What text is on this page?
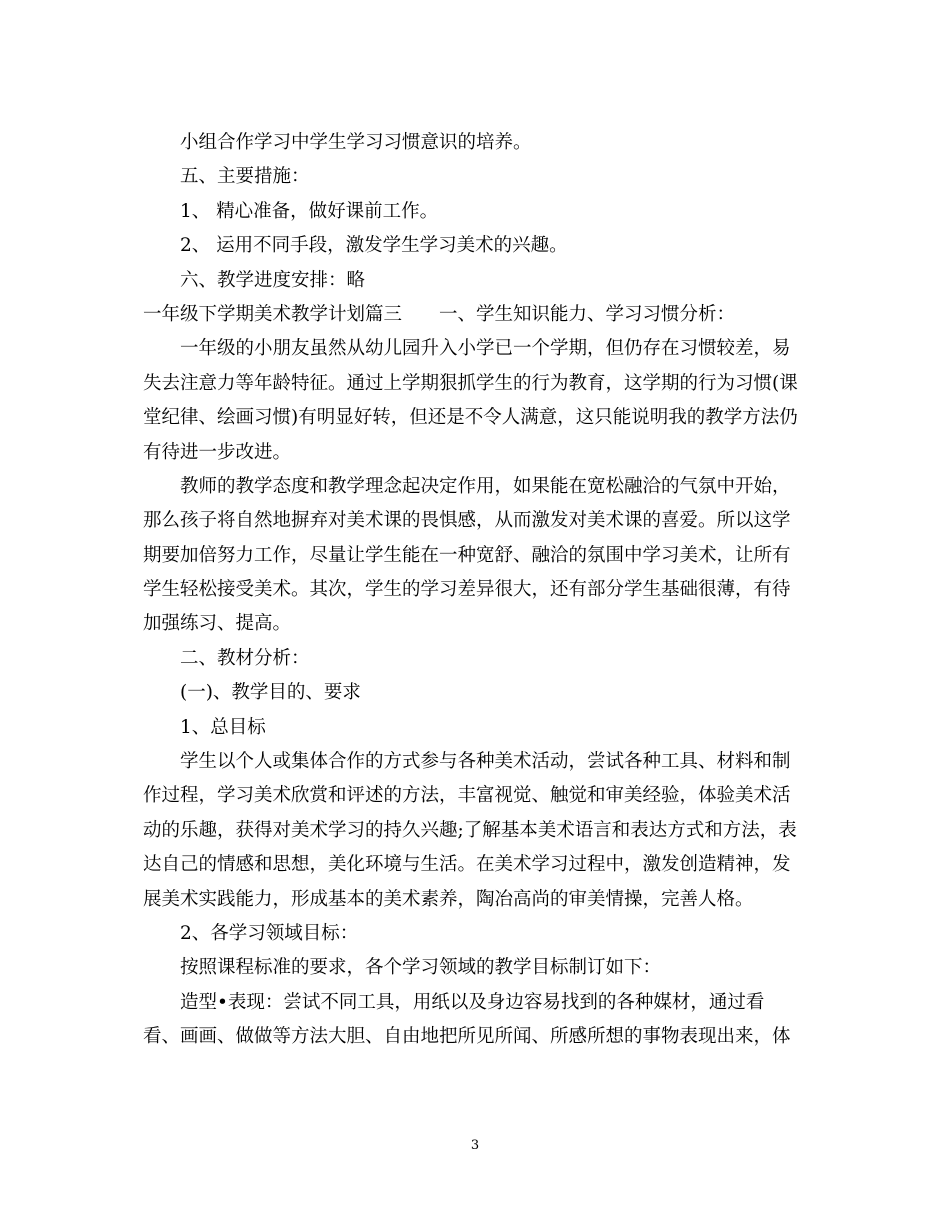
小组合作学习中学生学习习惯意识的培养。

五、主要措施：

1、 精心准备，做好课前工作。

2、 运用不同手段，激发学生学习美术的兴趣。

六、教学进度安排：略

一年级下学期美术教学计划篇三　　一、学生知识能力、学习习惯分析：

一年级的小朋友虽然从幼儿园升入小学已一个学期，但仍存在习惯较差，易

失去注意力等年龄特征。通过上学期狠抓学生的行为教育，这学期的行为习惯(课

堂纪律、绘画习惯)有明显好转，但还是不令人满意，这只能说明我的教学方法仍

有待进一步改进。

教师的教学态度和教学理念起决定作用，如果能在宽松融洽的气氛中开始，

那么孩子将自然地摒弃对美术课的畏惧感，从而激发对美术课的喜爱。所以这学

期要加倍努力工作，尽量让学生能在一种宽舒、融洽的氛围中学习美术，让所有

学生轻松接受美术。其次，学生的学习差异很大，还有部分学生基础很薄，有待

加强练习、提高。

二、教材分析：

(一)、教学目的、要求

1、总目标

学生以个人或集体合作的方式参与各种美术活动，尝试各种工具、材料和制

作过程，学习美术欣赏和评述的方法，丰富视觉、触觉和审美经验，体验美术活

动的乐趣，获得对美术学习的持久兴趣;了解基本美术语言和表达方式和方法，表

达自己的情感和思想，美化环境与生活。在美术学习过程中，激发创造精神，发

展美术实践能力，形成基本的美术素养，陶冶高尚的审美情操，完善人格。

2、各学习领域目标：

按照课程标准的要求，各个学习领域的教学目标制订如下：

造型•表现：尝试不同工具，用纸以及身边容易找到的各种媒材，通过看

看、画画、做做等方法大胆、自由地把所见所闻、所感所想的事物表现出来，体

3
